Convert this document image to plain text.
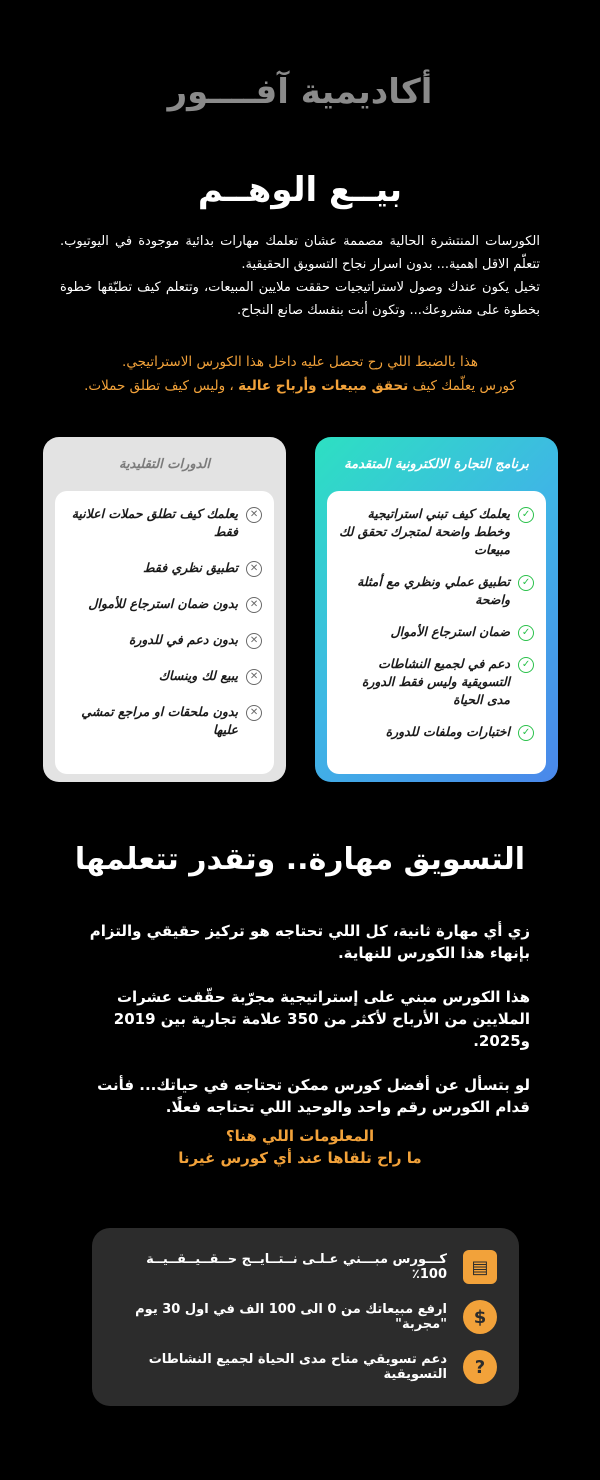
أكاديمية آفــــور
بيــع الوهــم

الكورسات المنتشرة الحالية مصممة عشان تعلمك مهارات بدائية موجودة في اليوتيوب. تتعلّم الاقل اهمية... بدون اسرار نجاح التسويق الحقيقية.

تخيل يكون عندك وصول لاستراتيجيات حققت ملايين المبيعات، وتتعلم كيف تطبّقها خطوة بخطوة على مشروعك... وتكون أنت بنفسك صانع النجاح.

هذا بالضبط اللي رح تحصل عليه داخل هذا الكورس الاستراتيجي.
كورس يعلّمك كيف تحقق مبيعات وأرباح عالية ، وليس كيف تطلق حملات.
برنامج التجارة الالكترونية المتقدمة
✓
يعلمك كيف تبني استراتيجية وخطط واضحة لمتجرك تحقق لك مبيعات
✓
تطبيق عملي ونظري مع أمثلة واضحة
✓
ضمان استرجاع الأموال
✓
دعم في لجميع النشاطات التسويقية وليس فقط الدورة مدى الحياة
✓
اختبارات وملفات للدورة
الدورات التقليدية
✕
يعلمك كيف تطلق حملات اعلانية فقط
✕
تطبيق نظري فقط
✕
بدون ضمان استرجاع للأموال
✕
بدون دعم في للدورة
✕
يبيع لك وينساك
✕
بدون ملحقات او مراجع تمشي عليها
التسويق مهارة.. وتقدر تتعلمها

زي أي مهارة ثانية، كل اللي تحتاجه هو تركيز حقيقي والتزام بإنهاء هذا الكورس للنهاية.

هذا الكورس مبني على إستراتيجية مجرّبة حقّقت عشرات الملايين من الأرباح لأكثر من 350 علامة تجارية بين 2019 و2025.

لو بتسأل عن أفضل كورس ممكن تحتاجه في حياتك... فأنت قدام الكورس رقم واحد والوحيد اللي تحتاجه فعلًا.

المعلومات اللي هنا؟
ما راح تلقاها عند أي كورس غيرنا
▤
كـــورس مبـــني عـلـى نــتــايــج حــقــيــقــيــة 100٪
$
ارفع مبيعاتك من 0 الى 100 الف في اول 30 يوم "مجربة"
?
دعم تسويقي متاح مدى الحياة لجميع النشاطات التسويقية
